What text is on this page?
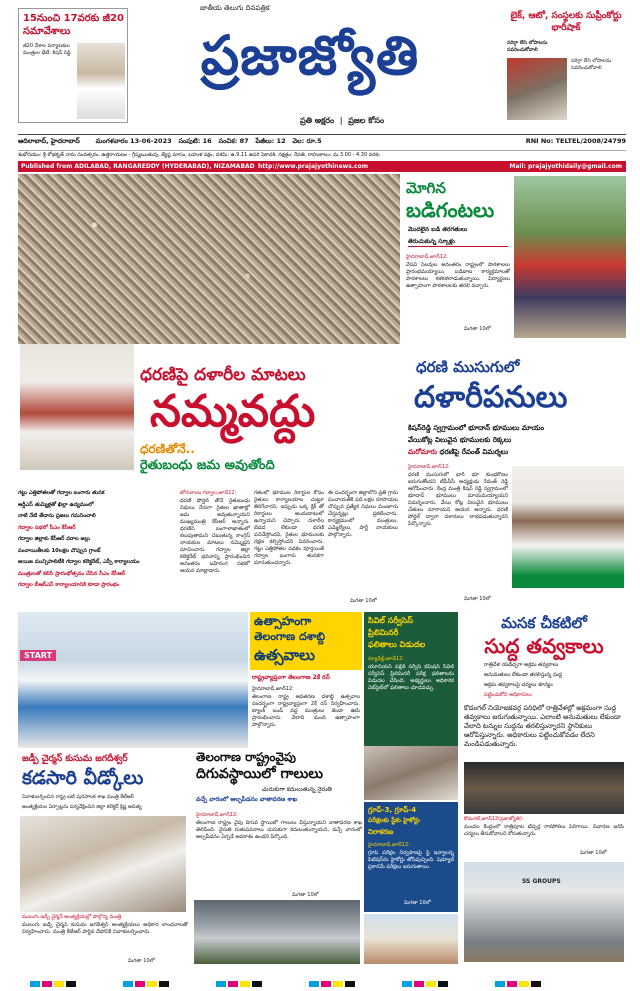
15నుంచి 17వరకు జీ20 సమావేశాలు
జీ20 దేశాల పర్యాటకుల మంత్రుల భేటీ: కిషన్ రెడ్డి
జాతీయ తెలుగు దినపత్రిక
ప్రజాజ్యోతి
ప్రతి అక్షరం  |  ప్రజల కోసం
బైక్, ఆటో, సంస్థలకు సుప్రీంకోర్టు భారీషాక్
సరిగ్గా లేని లోపాలను సవరించుకోవాలి
సరిగ్గా లేని లోపాలను సవరించుకోవాలి
ఆదిలాబాద్, హైదరాబాద్ మంగళవారం 13-06-2023 సంపుటి: 16 సంచిక: 87 పేజీలు: 12 వెల: రూ.5	RNI No: TELTEL/2008/24799
శుభోదయం: శ్రీ శోభకృత్ నామ సంవత్సరం, ఉత్తరాయణం - గ్రీష్మఋతువు, జ్యేష్ఠ మాసం, బహుళ పక్షం, దశమి: ఉ.9.11 ఉపరి ఏకాదశి, నక్షత్రం: రేవతి, రాహుకాలం: మ.3.00 - 4.30 వరకు
Published from ADILABAD, RANGAREDDY (HYDERABAD), NIZAMABAD http://www.prajajyothinews.com	Mail: prajajyothidaily@gmail.com
మోగిన
బడిగంటలు
మొదలైన బడి తరగతులు
తెరుచుకున్న స్కూళ్లు
హైదరాబాద్,జూన్12:
వేసవి సెలవుల అనంతరం రాష్ట్రంలో పాఠశాలలు ప్రారంభమయ్యాయి. బడిబాట కార్యక్రమాలతో పాఠశాలలు కళకళలాడుతున్నాయి. విద్యార్థులు ఉత్సాహంగా పాఠశాలలకు తరలి వచ్చారు.
మిగతా 10లో
ధరణిపై దళారీల మాటలు
నమ్మవద్దు
ధరణితోనే..
రైతుబంధు జమ అవుతోంది
గట్టు ఎత్తిపోతలతో గద్వాల బంగారు తునక
ఆర్డీఎస్‌ తుమ్మిళ్లతో ఖిల్లా ఉద్యమంలో
నాటి నేటి తేడాను ప్రజలు గమనించాలి
గద్వాల సభలో సీఎం కేసీఆర్
గద్వాల జిల్లాకు కేసీఆర్‌ వరాల జల్లు
పంచాయితీలకు 10లక్షల చొప్పున గ్రాంట్
అయిజ మున్సిపాలిటీకి గద్వాల కలెక్టరేట్, ఎస్పీ కార్యాలయం
మంత్రులతో కలిసి ప్రారంభోత్సవం చేసిన సీఎం కేసీఆర్
గద్వాల బీఆర్‌ఎస్ కార్యాలయానికి కూడా ప్రారంభం
జోగులాంబ గద్వాల,జూన్12:
ధరణి పోర్టల్ తోనే రైతుబంధు నిధులు నేరుగా రైతుల ఖాతాల్లో జమ అవుతున్నాయని ముఖ్యమంత్రి కేసీఆర్ అన్నారు. ధరణిని బంగాళాఖాతంలో కలుపుతామని చెబుతున్న కాంగ్రెస్ నాయకుల మాటలు నమ్మొద్దని సూచించారు. గద్వాల జిల్లా కలెక్టరేట్ భవనాన్ని ప్రారంభించిన అనంతరం బహిరంగ సభలో ఆయన మాట్లాడారు.
గతంలో భూముల రికార్డుల కోసం రైతులు కార్యాలయాల చుట్టూ తిరిగేవారని, ఇప్పుడు ఒక్క క్లిక్ తో రికార్డులు అందుబాటులో ఉన్నాయని చెప్పారు. దళారీల బెడద లేకుండా ధరణి పనిచేస్తోందని, రైతుల భూములకు రక్షణ కల్పిస్తోందని వివరించారు. గట్టు ఎత్తిపోతల పథకం పూర్తయితే గద్వాల బంగారు తునకగా మారుతుందన్నారు.
ఈ సందర్భంగా జిల్లాలోని ప్రతి గ్రామ పంచాయతీకి పది లక్షల రూపాయల చొప్పున ప్రత్యేక నిధులు మంజూరు చేస్తున్నట్లు ప్రకటించారు. కార్యక్రమంలో మంత్రులు, ఎమ్మెల్యేలు, పార్టీ నాయకులు పాల్గొన్నారు.
మిగతా 10లో
ధరణి ముసుగులో
దళారీపనులు
కిషన్‌రెడ్డి స్వగ్రామంలో భూదాన్ భూములు మాయం
వేయికోట్ల విలువైన భూములకు రెక్కలు
మరోమారు ధరణిపై రేవంత్ విమర్శలు
హైదరాబాద్,జూన్12:
ధరణి ముసుగులో భారీ భూ కుంభకోణం జరుగుతోందని టీపీసీసీ అధ్యక్షుడు రేవంత్ రెడ్డి ఆరోపించారు. కేంద్ర మంత్రి కిషన్ రెడ్డి స్వగ్రామంలో భూదాన్ భూములు మాయమయ్యాయని విమర్శించారు. వేయి కోట్ల విలువైన భూములు చేతులు మారాయని ఆయన అన్నారు. ధరణి పోర్టల్ ద్వారా దళారులు లాభపడుతున్నారని పేర్కొన్నారు.
మిగతా 10లో
START
ఉత్సాహంగా
తెలంగాణ దశాబ్ది
ఉత్సవాలు
రాష్ట్రవ్యాప్తంగా తెలంగాణ 2కే రన్
హైదరాబాద్,జూన్12:
తెలంగాణ రాష్ట్ర అవతరణ దశాబ్ది ఉత్సవాల సందర్భంగా రాష్ట్రవ్యాప్తంగా 2కే రన్ నిర్వహించారు. ట్యాంక్ బండ్ వద్ద మంత్రులు జెండా ఊపి ప్రారంభించారు. వేలాది మంది ఉత్సాహంగా పాల్గొన్నారు.
సివిల్ సర్వీసెస్
ప్రిలిమినరీ
ఫలితాలు విడుదల
న్యూఢిల్లీ,జూన్12:
యూనియన్ పబ్లిక్ సర్వీస్ కమిషన్ సివిల్ సర్వీసెస్ ప్రిలిమినరీ పరీక్ష ఫలితాలను విడుదల చేసింది. అభ్యర్థులు అధికారిక వెబ్‌సైట్‌లో ఫలితాలు చూడవచ్చు.
గ్రూప్-3, గ్రూప్-4
పరీక్షలకు స్టేకు హైకోర్టు
నిరాకరణ
హైదరాబాద్,జూన్12:
గ్రూప్ పరీక్షల నిర్వహణపై స్టే ఇవ్వాలన్న పిటిషన్‌ను హైకోర్టు తోసిపుచ్చింది. షెడ్యూల్ ప్రకారమే పరీక్షలు జరుగుతాయి.
మిగతా 10లో
మసక చీకటిలో
సుద్ద తవ్వకాలు
రాత్రివేళ యథేచ్ఛగా అక్రమ తవ్వకాలు
అనుమతులు లేకుండా తరలిస్తున్న సుద్ద
అక్రమ తవ్వకాలపై చర్యలు శూన్యం
పట్టించుకోని అధికారులు
కొడంగల్ నియోజకవర్గ పరిధిలో రాత్రివేళల్లో అక్రమంగా సుద్ద తవ్వకాలు జరుగుతున్నాయి. ఎలాంటి అనుమతులు లేకుండా వేలాది టన్నుల సుద్దను తరలిస్తున్నారని స్థానికులు ఆరోపిస్తున్నారు. అధికారులు పట్టించుకోవడం లేదని మండిపడుతున్నారు.
కొడంగల్,జూన్12(ప్రజాజ్యోతి):
మండల కేంద్రంలో రాత్రిపూట టిప్పర్ల రాకపోకలు పెరిగాయి. విచారణ జరిపి చర్యలు తీసుకోవాలని కోరుతున్నారు.
మిగతా 10లో
SS GROUPS
జడ్పీ చైర్మన్ కుసుమ జగదీశ్వర్
కడసారి వీడ్కోలు
నివాళులర్పించిన రాష్ట్ర ఐటి పురపాలక శాఖ మంత్రి కేటీఆర్
అంత్యక్రియల ఏర్పాట్లను పర్యవేక్షించిన జిల్లా కలెక్టర్ క్రిష్ణ ఆదిత్య
ములుగు జడ్పీ చైర్మన్ అంత్యక్రియల్లో పాల్గొన్న మంత్రి
ములుగు జడ్పీ చైర్మన్ కుసుమ జగదీశ్వర్ అంత్యక్రియలు అధికార లాంఛనాలతో నిర్వహించారు. మంత్రి కేటీఆర్ పార్థివ దేహానికి నివాళులర్పించారు.
మిగతా 10లో
తెలంగాణ రాష్ట్రంవైపు
దిగువస్థాయిలో గాలులు
చురుకుగా కదులుతున్న నైరుతి
వచ్చే వారంలో అల్పపీడనం వాతావరణ శాఖ
హైదరాబాద్,జూన్12:
తెలంగాణ రాష్ట్రం వైపు దిగువ స్థాయిలో గాలులు వీస్తున్నాయని వాతావరణ శాఖ తెలిపింది. నైరుతి రుతుపవనాలు చురుకుగా కదులుతున్నాయని, వచ్చే వారంలో అల్పపీడనం ఏర్పడే అవకాశం ఉందని పేర్కొంది.
మిగతా 10లో
